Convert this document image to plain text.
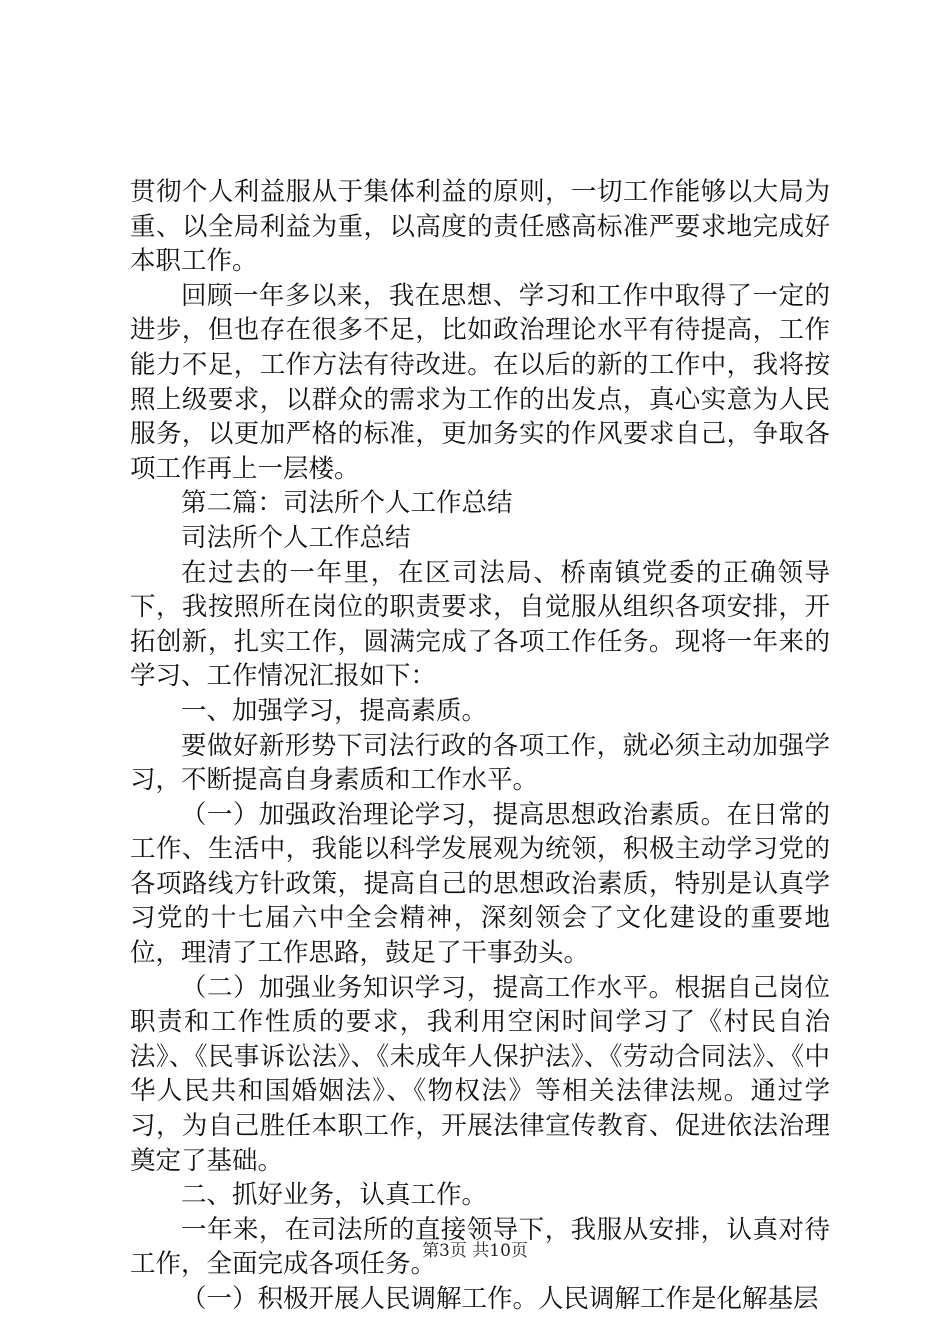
贯彻个人利益服从于集体利益的原则，一切工作能够以大局为重、以全局利益为重，以高度的责任感高标准严要求地完成好本职工作。

回顾一年多以来，我在思想、学习和工作中取得了一定的进步，但也存在很多不足，比如政治理论水平有待提高，工作能力不足，工作方法有待改进。在以后的新的工作中，我将按照上级要求，以群众的需求为工作的出发点，真心实意为人民服务，以更加严格的标准，更加务实的作风要求自己，争取各项工作再上一层楼。

第二篇：司法所个人工作总结

司法所个人工作总结

在过去的一年里，在区司法局、桥南镇党委的正确领导下，我按照所在岗位的职责要求，自觉服从组织各项安排，开拓创新，扎实工作，圆满完成了各项工作任务。现将一年来的学习、工作情况汇报如下：

一、加强学习，提高素质。

要做好新形势下司法行政的各项工作，就必须主动加强学习，不断提高自身素质和工作水平。

（一）加强政治理论学习，提高思想政治素质。在日常的工作、生活中，我能以科学发展观为统领，积极主动学习党的各项路线方针政策，提高自己的思想政治素质，特别是认真学习党的十七届六中全会精神，深刻领会了文化建设的重要地位，理清了工作思路，鼓足了干事劲头。

（二）加强业务知识学习，提高工作水平。根据自己岗位职责和工作性质的要求，我利用空闲时间学习了《村民自治法》、《民事诉讼法》、《未成年人保护法》、《劳动合同法》、《中华人民共和国婚姻法》、《物权法》等相关法律法规。通过学习，为自己胜任本职工作，开展法律宣传教育、促进依法治理奠定了基础。

二、抓好业务，认真工作。

一年来，在司法所的直接领导下，我服从安排，认真对待工作，全面完成各项任务。

（一）积极开展人民调解工作。人民调解工作是化解基层

第3页 共10页
